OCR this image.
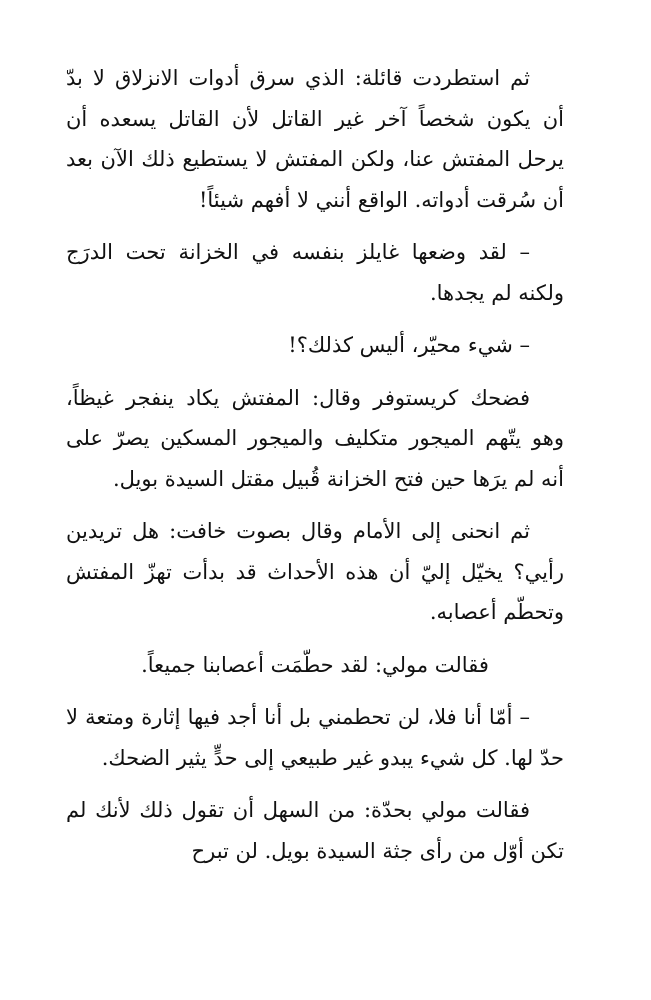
ثم استطردت قائلة: الذي سرق أدوات الانزلاق لا بدّ أن يكون شخصاً آخر غير القاتل لأن القاتل يسعده أن يرحل المفتش عنا، ولكن المفتش لا يستطيع ذلك الآن بعد أن سُرقت أدواته. الواقع أنني لا أفهم شيئاً!

– لقد وضعها غايلز بنفسه في الخزانة تحت الدرَج ولكنه لم يجدها.

– شيء محيّر، أليس كذلك؟!

فضحك كريستوفر وقال: المفتش يكاد ينفجر غيظاً، وهو يتّهم الميجور متكليف والميجور المسكين يصرّ على أنه لم يرَها حين فتح الخزانة قُبيل مقتل السيدة بويل.

ثم انحنى إلى الأمام وقال بصوت خافت: هل تريدين رأيي؟ يخيّل إليّ أن هذه الأحداث قد بدأت تهزّ المفتش وتحطّم أعصابه.

فقالت مولي: لقد حطّمَت أعصابنا جميعاً.

– أمّا أنا فلا، لن تحطمني بل أنا أجد فيها إثارة ومتعة لا حدّ لها. كل شيء يبدو غير طبيعي إلى حدٍّ يثير الضحك.

فقالت مولي بحدّة: من السهل أن تقول ذلك لأنك لم تكن أوّل من رأى جثة السيدة بويل. لن تبرح
